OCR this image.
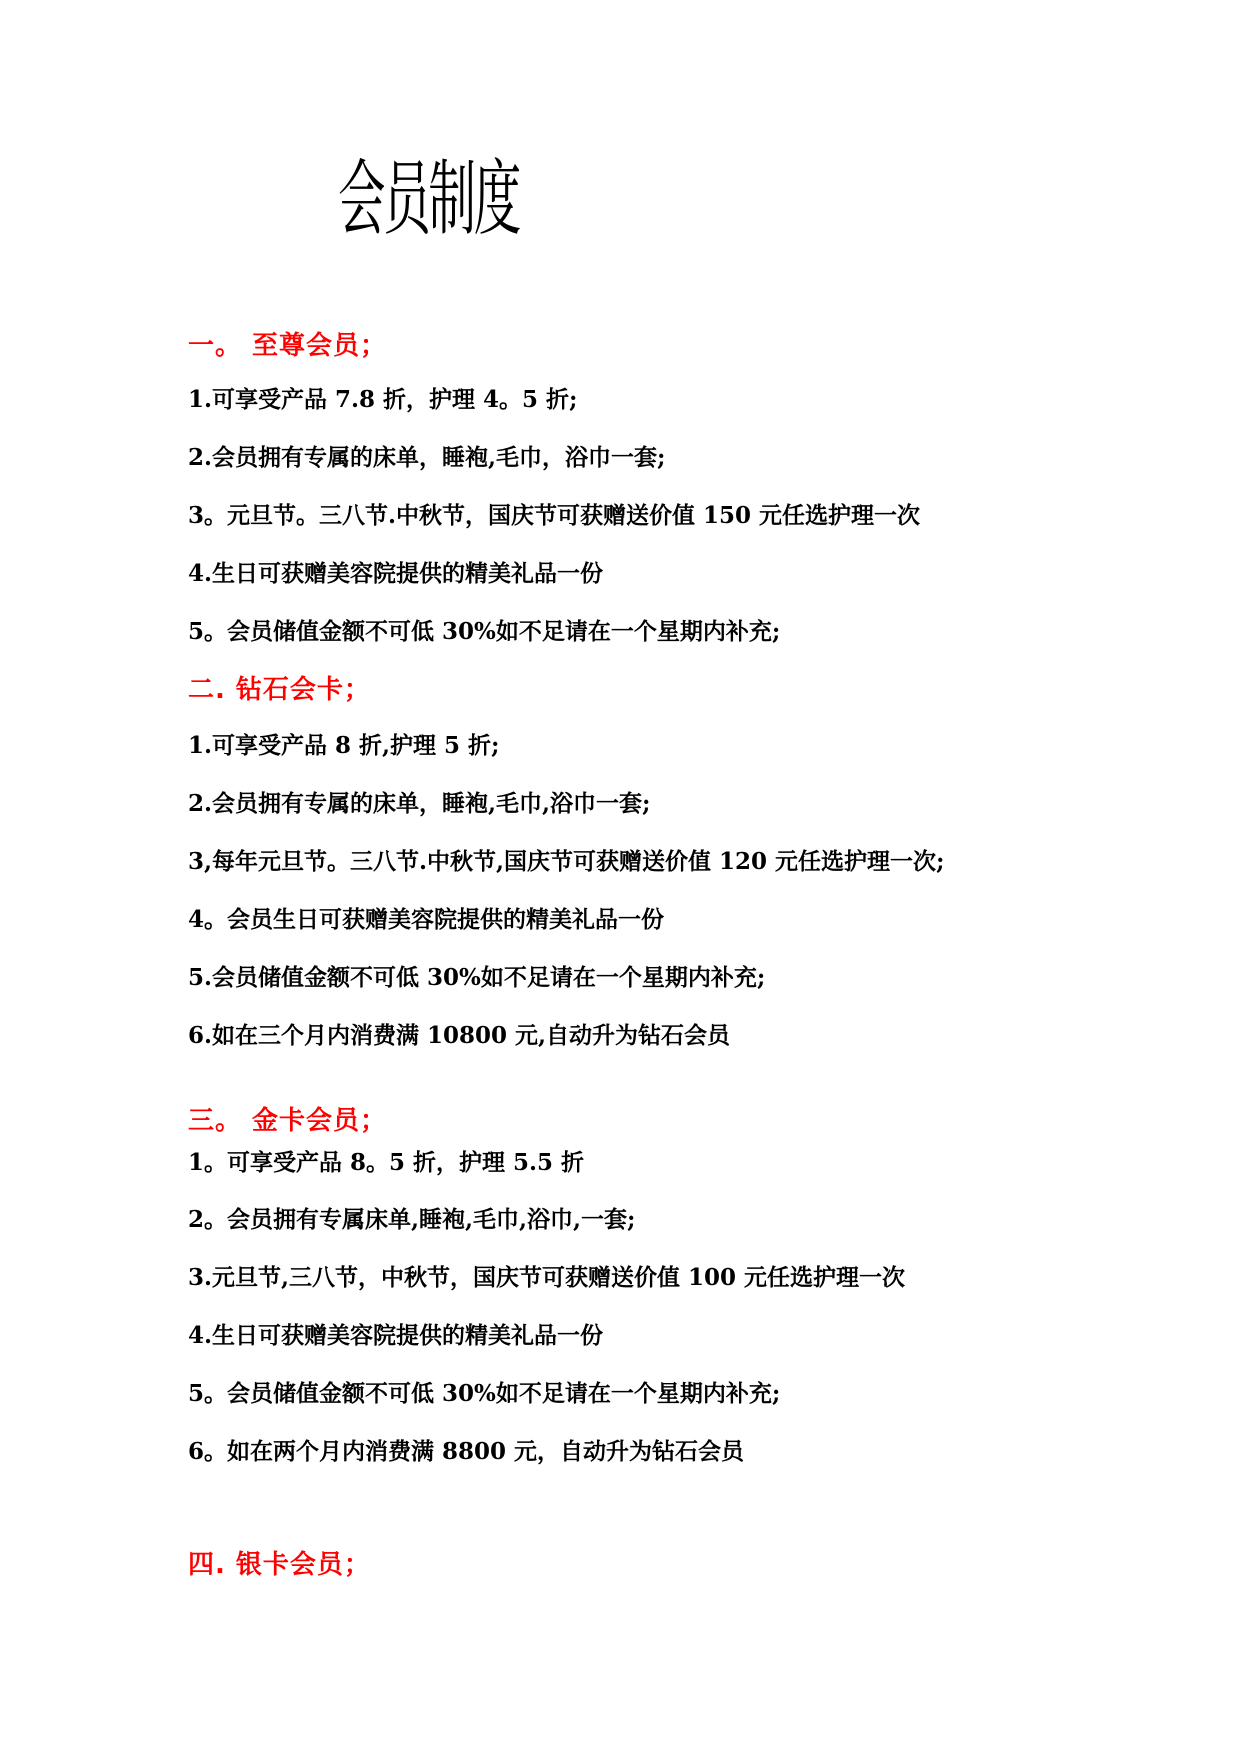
会员制度
一。 至尊会员；

1.可享受产品 7.8 折，护理 4。5 折;

2.会员拥有专属的床单，睡袍,毛巾，浴巾一套;

3。元旦节。三八节.中秋节，国庆节可获赠送价值 150 元任选护理一次

4.生日可获赠美容院提供的精美礼品一份

5。会员储值金额不可低 30%如不足请在一个星期内补充;

二. 钻石会卡；

1.可享受产品 8 折,护理 5 折;

2.会员拥有专属的床单，睡袍,毛巾,浴巾一套;

3,每年元旦节。三八节.中秋节,国庆节可获赠送价值 120 元任选护理一次;

4。会员生日可获赠美容院提供的精美礼品一份

5.会员储值金额不可低 30%如不足请在一个星期内补充;

6.如在三个月内消费满 10800 元,自动升为钻石会员

三。 金卡会员；

1。可享受产品 8。5 折，护理 5.5 折

2。会员拥有专属床单,睡袍,毛巾,浴巾,一套;

3.元旦节,三八节，中秋节，国庆节可获赠送价值 100 元任选护理一次

4.生日可获赠美容院提供的精美礼品一份

5。会员储值金额不可低 30%如不足请在一个星期内补充;

6。如在两个月内消费满 8800 元，自动升为钻石会员

四. 银卡会员；
